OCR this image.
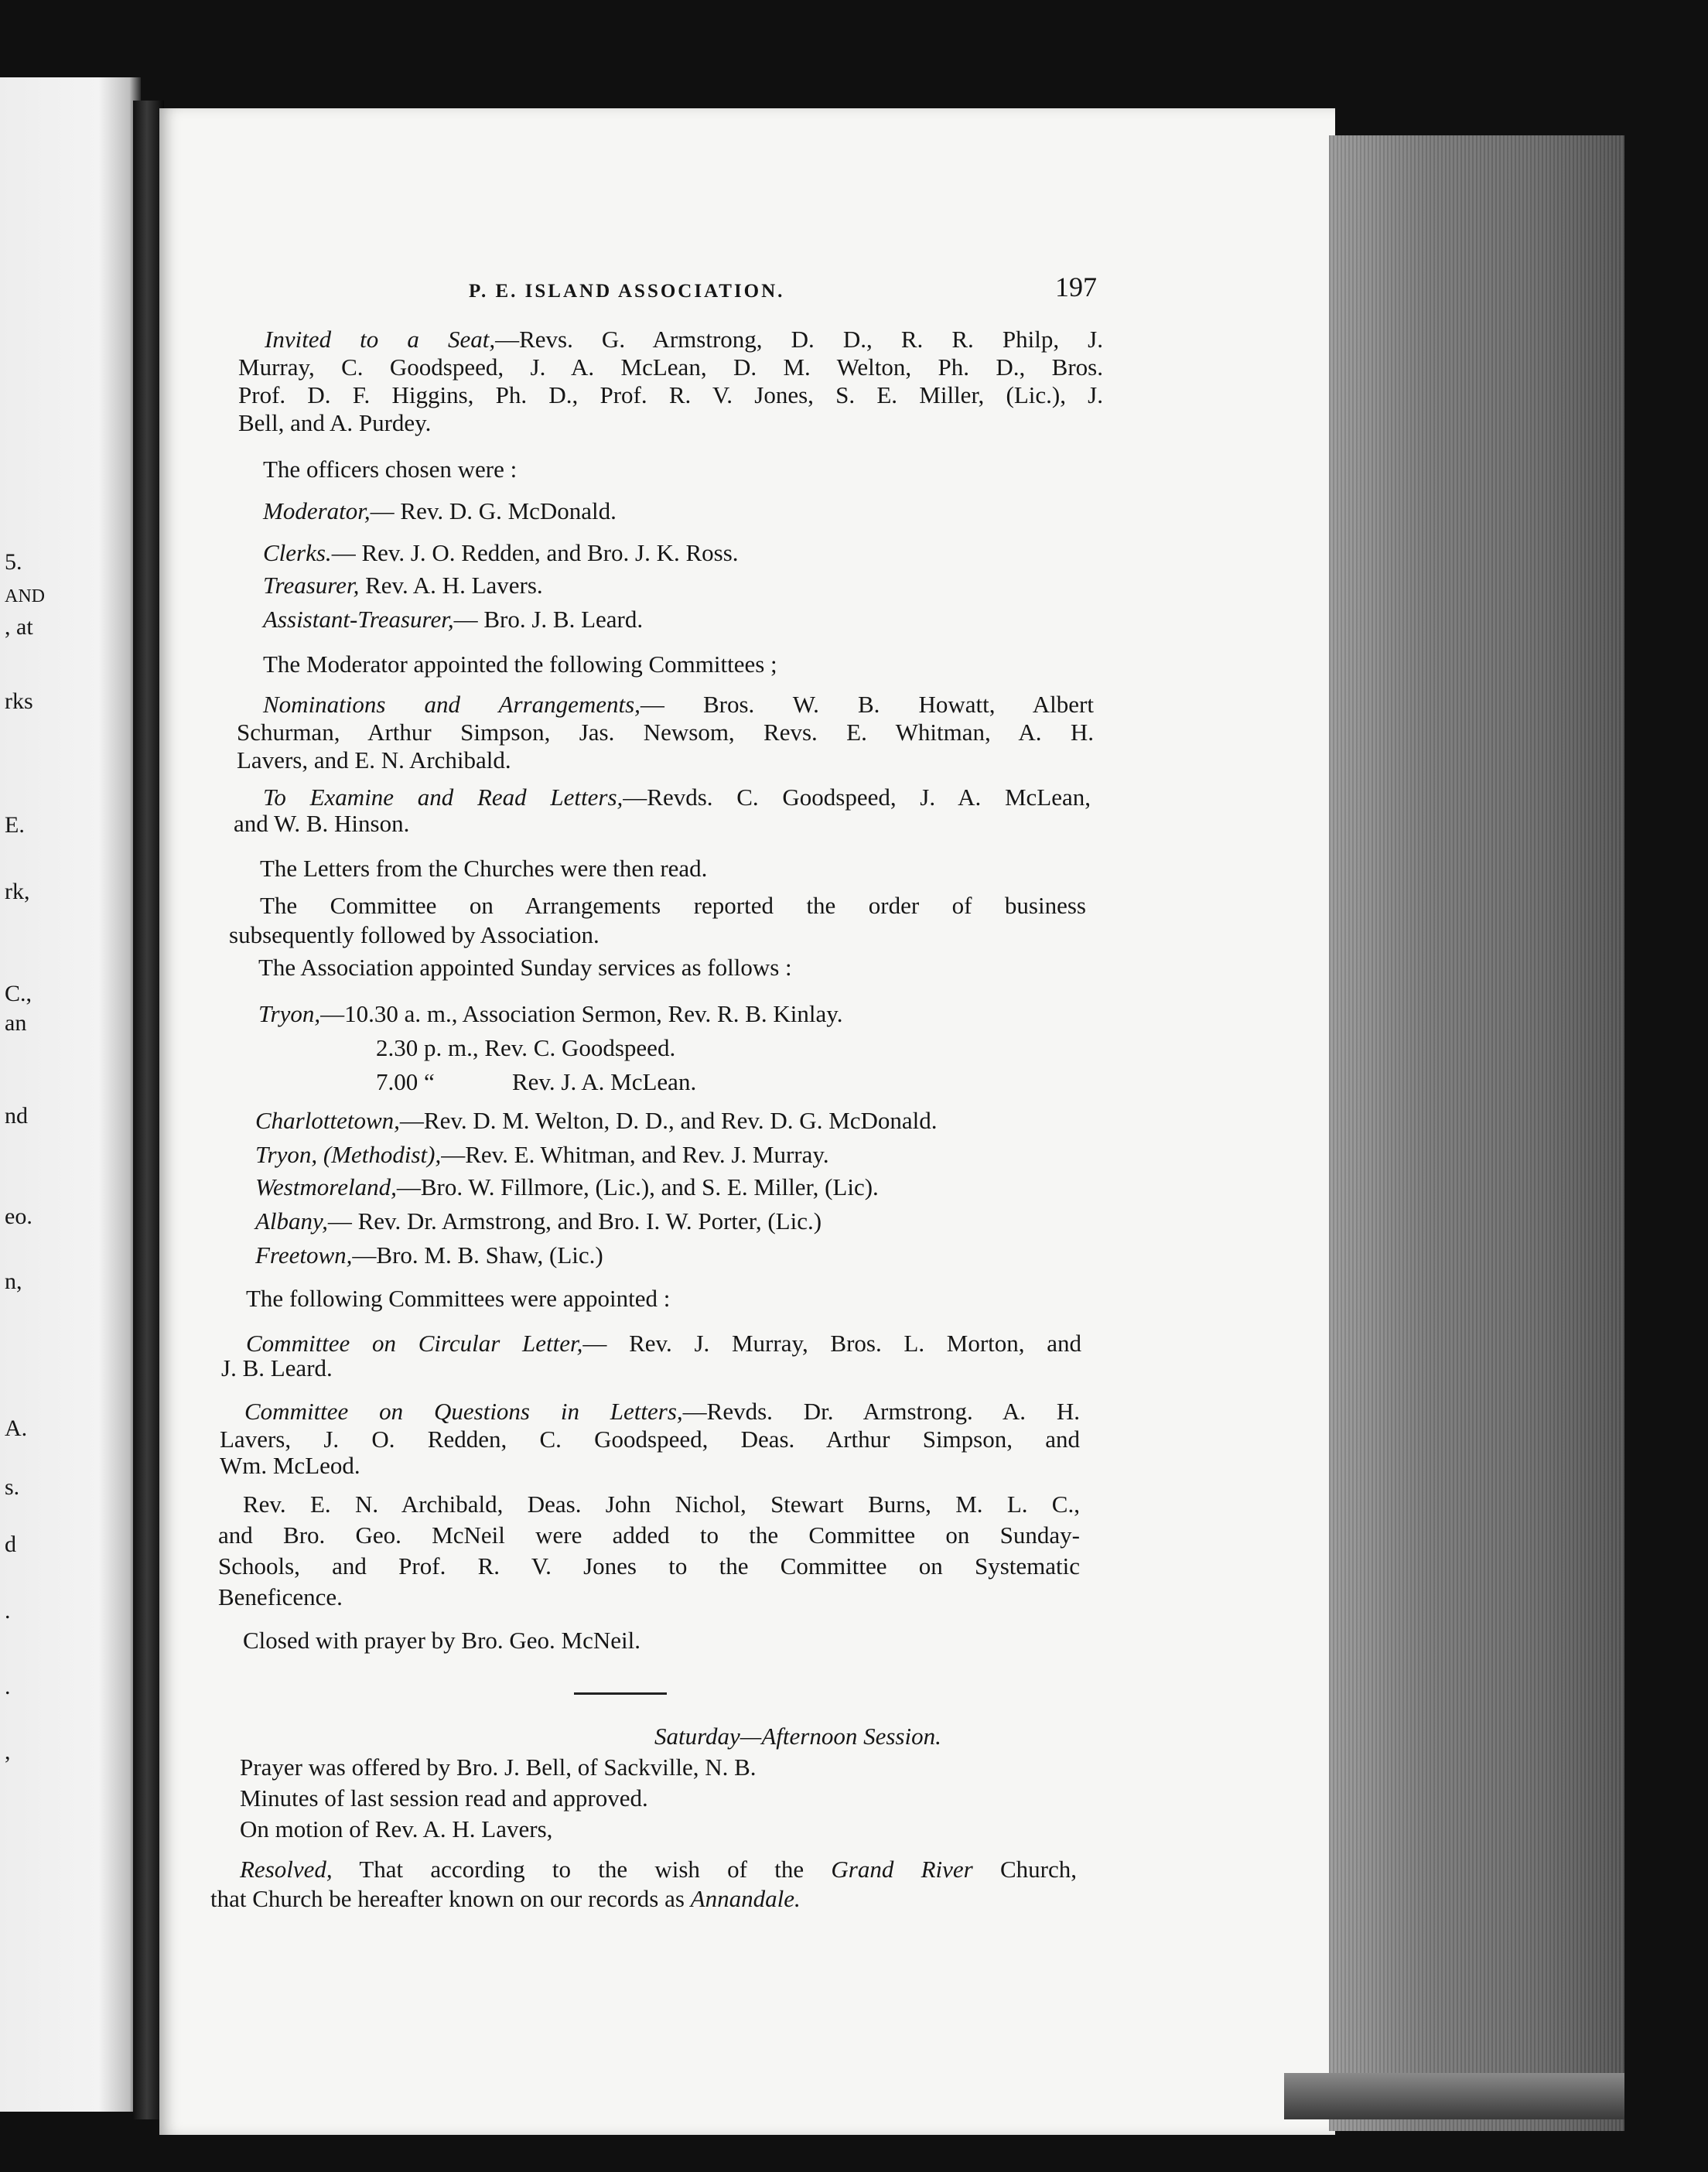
5.
AND
, at
rks
E.
rk,
C.,
an
nd
eo.
n,
A.
s.
d
.
.
,
P. E. ISLAND ASSOCIATION.	197
Invited to a Seat,—Revs. G. Armstrong, D. D., R. R. Philp, J.
Murray, C. Goodspeed, J. A. McLean, D. M. Welton, Ph. D., Bros.
Prof. D. F. Higgins, Ph. D., Prof. R. V. Jones, S. E. Miller, (Lic.), J.
Bell, and A. Purdey.
The officers chosen were :
Moderator,— Rev. D. G. McDonald.
Clerks.— Rev. J. O. Redden, and Bro. J. K. Ross.
Treasurer, Rev. A. H. Lavers.
Assistant-Treasurer,— Bro. J. B. Leard.
The Moderator appointed the following Committees ;
Nominations and Arrangements,— Bros. W. B. Howatt, Albert
Schurman, Arthur Simpson, Jas. Newsom, Revs. E. Whitman, A. H.
Lavers, and E. N. Archibald.
To Examine and Read Letters,—Revds. C. Goodspeed, J. A. McLean,
and W. B. Hinson.
The Letters from the Churches were then read.
The Committee on Arrangements reported the order of business
subsequently followed by Association.
The Association appointed Sunday services as follows :
Tryon,—10.30 a. m., Association Sermon, Rev. R. B. Kinlay.
2.30 p. m., Rev. C. Goodspeed.
7.00 “	Rev. J. A. McLean.
Charlottetown,—Rev. D. M. Welton, D. D., and Rev. D. G. McDonald.
Tryon, (Methodist),—Rev. E. Whitman, and Rev. J. Murray.
Westmoreland,—Bro. W. Fillmore, (Lic.), and S. E. Miller, (Lic).
Albany,— Rev. Dr. Armstrong, and Bro. I. W. Porter, (Lic.)
Freetown,—Bro. M. B. Shaw, (Lic.)
The following Committees were appointed :
Committee on Circular Letter,— Rev. J. Murray, Bros. L. Morton, and
J. B. Leard.
Committee on Questions in Letters,—Revds. Dr. Armstrong. A. H.
Lavers, J. O. Redden, C. Goodspeed, Deas. Arthur Simpson, and
Wm. McLeod.
Rev. E. N. Archibald, Deas. John Nichol, Stewart Burns, M. L. C.,
and Bro. Geo. McNeil were added to the Committee on Sunday-
Schools, and Prof. R. V. Jones to the Committee on Systematic
Beneficence.
Closed with prayer by Bro. Geo. McNeil.
Saturday—Afternoon Session.
Prayer was offered by Bro. J. Bell, of Sackville, N. B.
Minutes of last session read and approved.
On motion of Rev. A. H. Lavers,
Resolved, That according to the wish of the Grand River Church,
that Church be hereafter known on our records as Annandale.
